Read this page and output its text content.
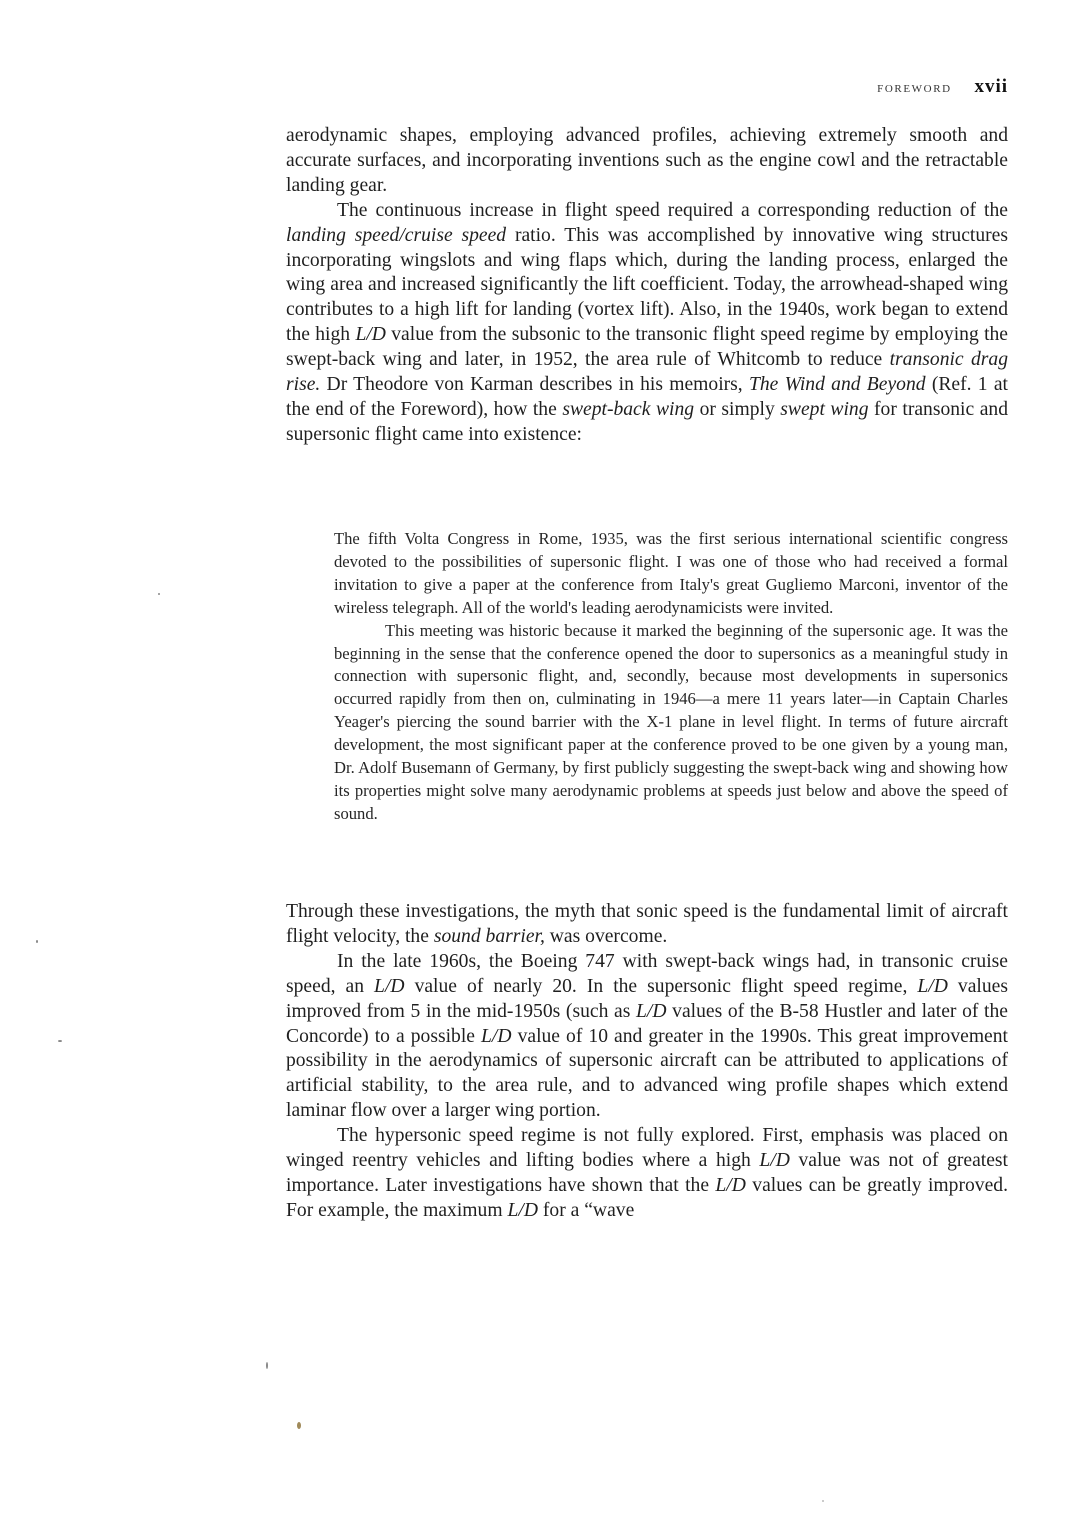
FOREWORD xvii

aerodynamic shapes, employing advanced profiles, achieving extremely smooth and accurate surfaces, and incorporating inventions such as the engine cowl and the retractable landing gear.

The continuous increase in flight speed required a corresponding reduction of the landing speed/cruise speed ratio. This was accomplished by innovative wing structures incorporating wingslots and wing flaps which, during the landing process, enlarged the wing area and increased significantly the lift coefficient. Today, the arrowhead-shaped wing contributes to a high lift for landing (vortex lift). Also, in the 1940s, work began to extend the high L/D value from the subsonic to the transonic flight speed regime by employing the swept-back wing and later, in 1952, the area rule of Whitcomb to reduce transonic drag rise. Dr Theodore von Karman describes in his memoirs, The Wind and Beyond (Ref. 1 at the end of the Foreword), how the swept-back wing or simply swept wing for transonic and supersonic flight came into existence:

The fifth Volta Congress in Rome, 1935, was the first serious international scientific congress devoted to the possibilities of supersonic flight. I was one of those who had received a formal invitation to give a paper at the conference from Italy's great Gugliemo Marconi, inventor of the wireless telegraph. All of the world's leading aerodynamicists were invited.

This meeting was historic because it marked the beginning of the supersonic age. It was the beginning in the sense that the conference opened the door to supersonics as a meaningful study in connection with supersonic flight, and, secondly, because most developments in supersonics occurred rapidly from then on, culminating in 1946—a mere 11 years later—in Captain Charles Yeager's piercing the sound barrier with the X-1 plane in level flight. In terms of future aircraft development, the most significant paper at the conference proved to be one given by a young man, Dr. Adolf Busemann of Germany, by first publicly suggesting the swept-back wing and showing how its properties might solve many aerodynamic problems at speeds just below and above the speed of sound.

Through these investigations, the myth that sonic speed is the fundamental limit of aircraft flight velocity, the sound barrier, was overcome.

In the late 1960s, the Boeing 747 with swept-back wings had, in transonic cruise speed, an L/D value of nearly 20. In the supersonic flight speed regime, L/D values improved from 5 in the mid-1950s (such as L/D values of the B-58 Hustler and later of the Concorde) to a possible L/D value of 10 and greater in the 1990s. This great improvement possibility in the aerodynamics of supersonic aircraft can be attributed to applications of artificial stability, to the area rule, and to advanced wing profile shapes which extend laminar flow over a larger wing portion.

The hypersonic speed regime is not fully explored. First, emphasis was placed on winged reentry vehicles and lifting bodies where a high L/D value was not of greatest importance. Later investigations have shown that the L/D values can be greatly improved. For example, the maximum L/D for a “wave
